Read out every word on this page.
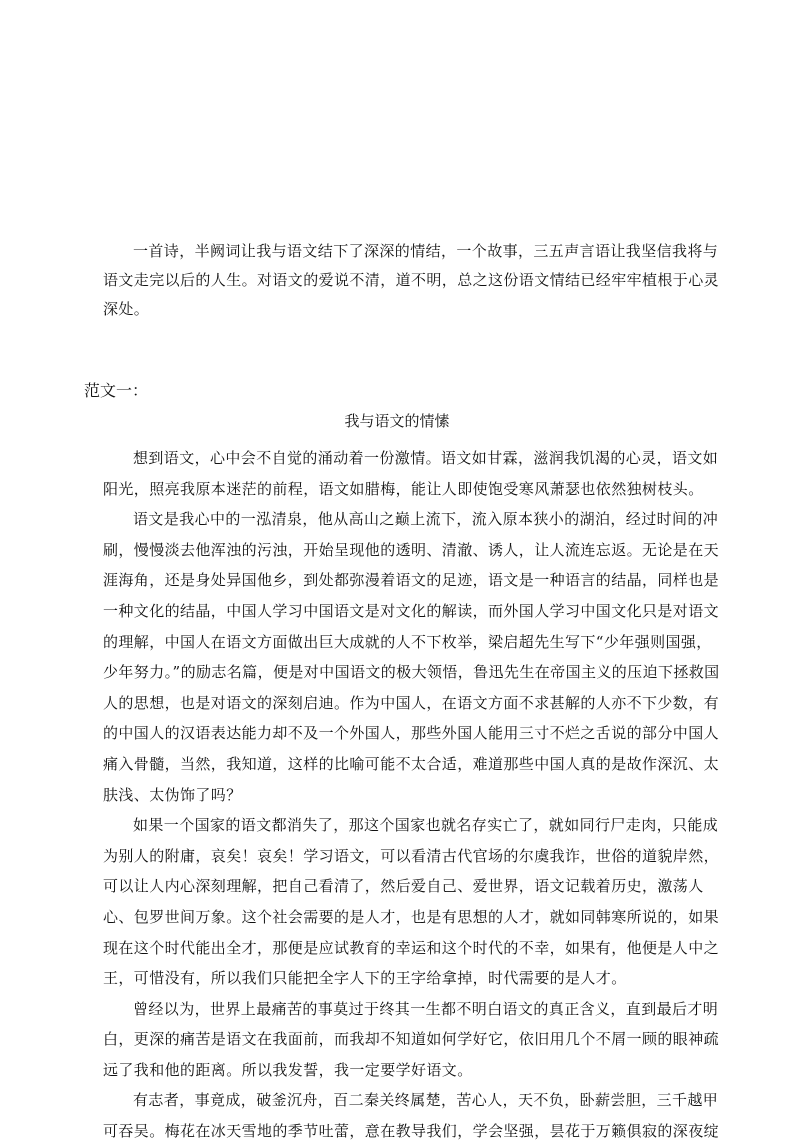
一首诗，半阙词让我与语文结下了深深的情结，一个故事，三五声言语让我坚信我将与语文走完以后的人生。对语文的爱说不清，道不明，总之这份语文情结已经牢牢植根于心灵深处。

范文一：
我与语文的情愫

想到语文，心中会不自觉的涌动着一份激情。语文如甘霖，滋润我饥渴的心灵，语文如阳光，照亮我原本迷茫的前程，语文如腊梅，能让人即使饱受寒风萧瑟也依然独树枝头。

语文是我心中的一泓清泉，他从高山之巅上流下，流入原本狭小的湖泊，经过时间的冲刷，慢慢淡去他浑浊的污浊，开始呈现他的透明、清澈、诱人，让人流连忘返。无论是在天涯海角，还是身处异国他乡，到处都弥漫着语文的足迹，语文是一种语言的结晶，同样也是一种文化的结晶，中国人学习中国语文是对文化的解读，而外国人学习中国文化只是对语文的理解，中国人在语文方面做出巨大成就的人不下枚举，梁启超先生写下“少年强则国强，少年努力。”的励志名篇，便是对中国语文的极大领悟，鲁迅先生在帝国主义的压迫下拯救国人的思想，也是对语文的深刻启迪。作为中国人，在语文方面不求甚解的人亦不下少数，有的中国人的汉语表达能力却不及一个外国人，那些外国人能用三寸不烂之舌说的部分中国人痛入骨髓，当然，我知道，这样的比喻可能不太合适，难道那些中国人真的是故作深沉、太肤浅、太伪饰了吗？

如果一个国家的语文都消失了，那这个国家也就名存实亡了，就如同行尸走肉，只能成为别人的附庸，哀矣！哀矣！学习语文，可以看清古代官场的尔虞我诈，世俗的道貌岸然，可以让人内心深刻理解，把自己看清了，然后爱自己、爱世界，语文记载着历史，激荡人心、包罗世间万象。这个社会需要的是人才，也是有思想的人才，就如同韩寒所说的，如果现在这个时代能出全才，那便是应试教育的幸运和这个时代的不幸，如果有，他便是人中之王，可惜没有，所以我们只能把全字人下的王字给拿掉，时代需要的是人才。

曾经以为，世界上最痛苦的事莫过于终其一生都不明白语文的真正含义，直到最后才明白，更深的痛苦是语文在我面前，而我却不知道如何学好它，依旧用几个不屑一顾的眼神疏远了我和他的距离。所以我发誓，我一定要学好语文。

有志者，事竟成，破釜沉舟，百二秦关终属楚，苦心人，天不负，卧薪尝胆，三千越甲可吞吴。梅花在冰天雪地的季节吐蕾，意在教导我们，学会坚强，昙花于万籁俱寂的深夜绽
